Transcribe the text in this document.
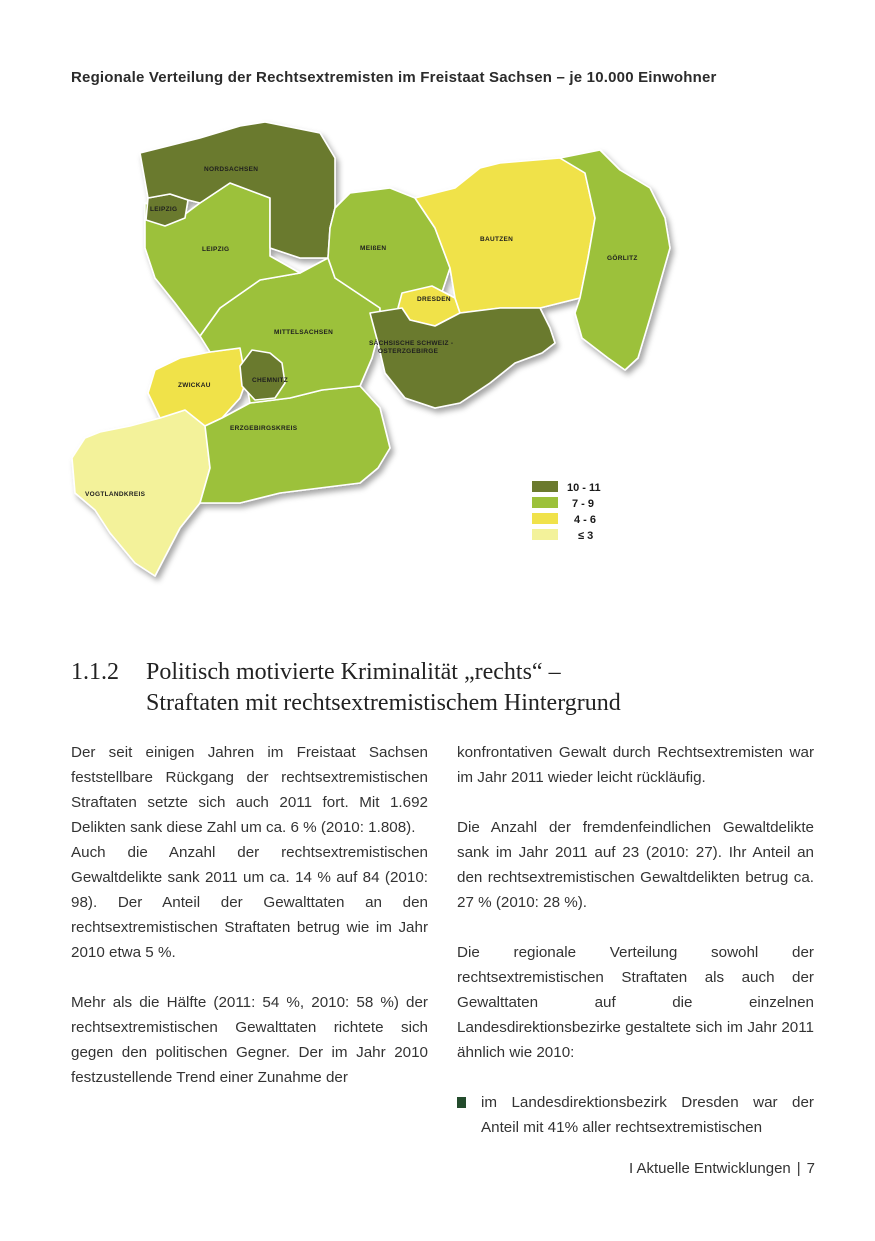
Regionale Verteilung der Rechtsextremisten im Freistaat Sachsen – je 10.000 Einwohner
NORDSACHSEN
LEIPZIG
LEIPZIG	MEIßEN
BAUTZEN
GÖRLITZ
DRESDEN
MITTELSACHSEN
SÄCHSISCHE SCHWEIZ -
OSTERZGEBIRGE
ZWICKAU
CHEMNITZ
ERZGEBIRGSKREIS
VOGTLANDKREIS
10 - 11
7 - 9
4 - 6
≤ 3
1.1.2 Politisch motivierte Kriminalität „rechts“ –
Straftaten mit rechtsextremistischem Hintergrund

Der seit einigen Jahren im Freistaat Sachsen feststellbare Rückgang der rechtsextremistischen Straftaten setzte sich auch 2011 fort. Mit 1.692 Delikten sank diese Zahl um ca. 6 % (2010: 1.808).

Auch die Anzahl der rechtsextremistischen Gewaltdelikte sank 2011 um ca. 14 % auf 84 (2010: 98). Der Anteil der Gewalttaten an den rechtsextremistischen Straftaten betrug wie im Jahr 2010 etwa 5 %.

Mehr als die Hälfte (2011: 54 %, 2010: 58 %) der rechtsextremistischen Gewalttaten richtete sich gegen den politischen Gegner. Der im Jahr 2010 festzustellende Trend einer Zunahme der

konfrontativen Gewalt durch Rechtsextremisten war im Jahr 2011 wieder leicht rückläufig.

Die Anzahl der fremdenfeindlichen Gewaltdelikte sank im Jahr 2011 auf 23 (2010: 27). Ihr Anteil an den rechtsextremistischen Gewaltdelikten betrug ca. 27 % (2010: 28 %).

Die regionale Verteilung sowohl der rechtsextremistischen Straftaten als auch der Gewalttaten auf die einzelnen Landesdirektionsbezirke gestaltete sich im Jahr 2011 ähnlich wie 2010:

im Landesdirektionsbezirk Dresden war der Anteil mit 41% aller rechtsextremistischen

I Aktuelle Entwicklungen | 7
